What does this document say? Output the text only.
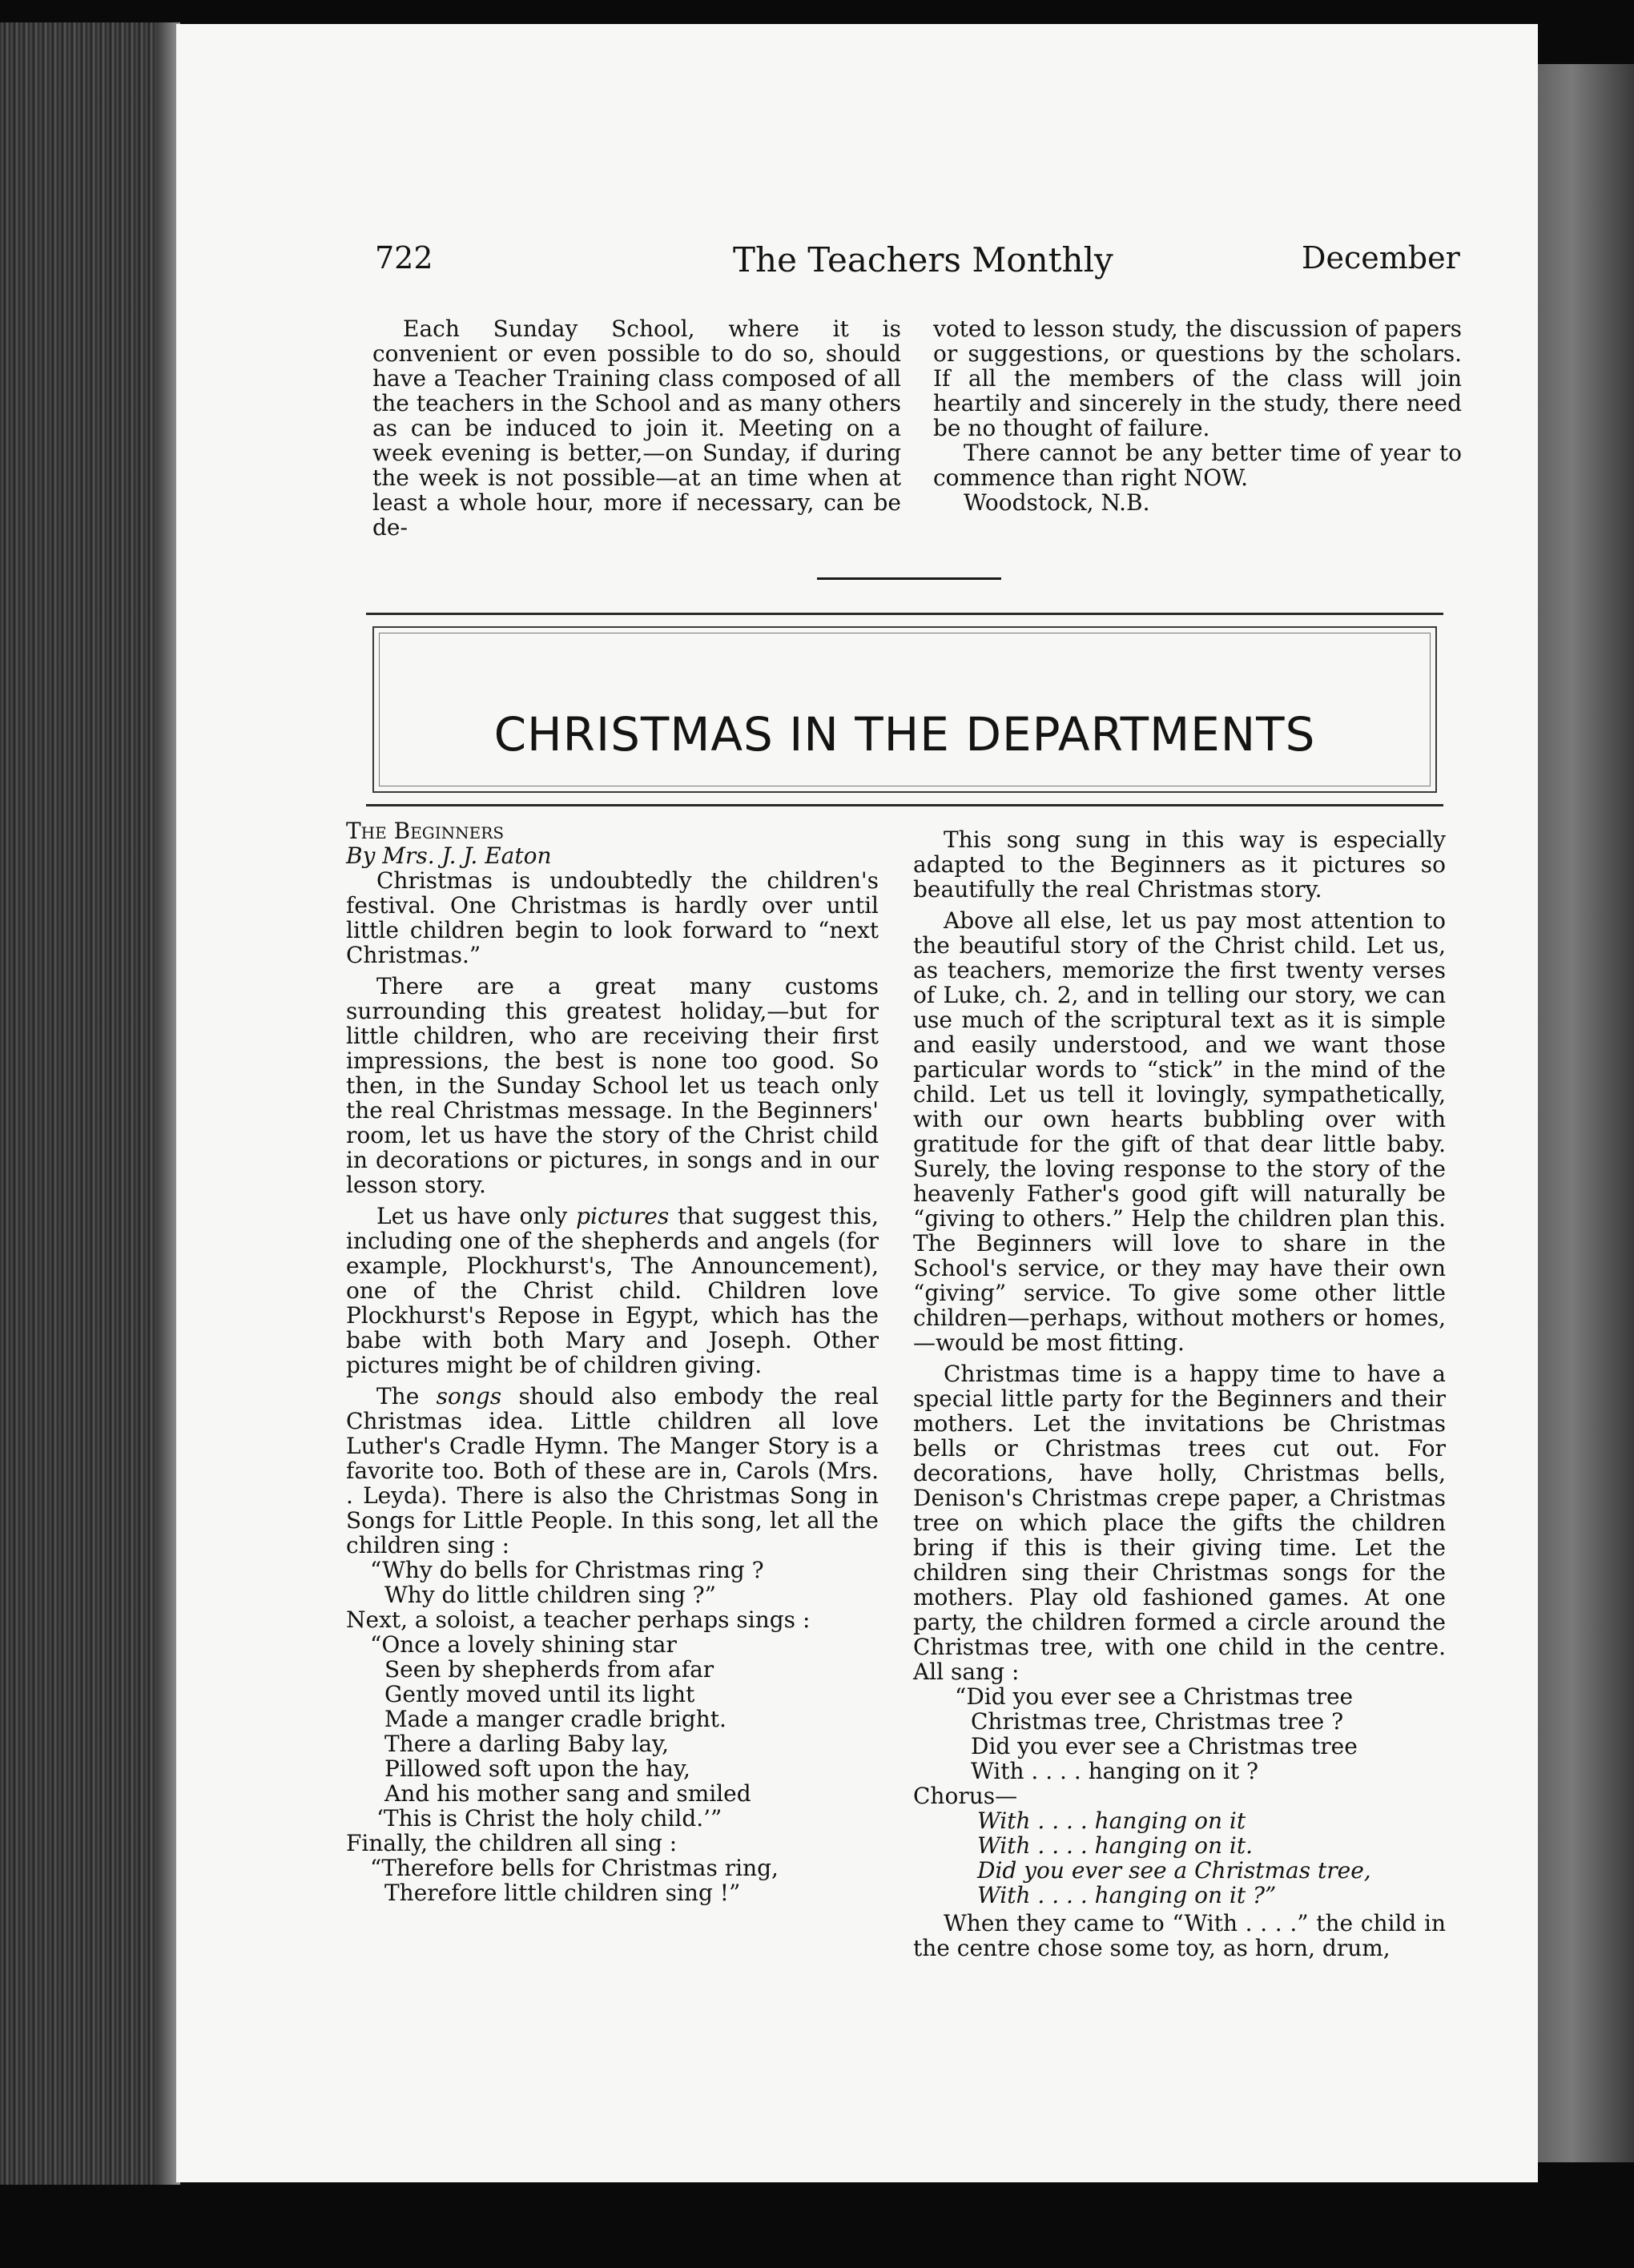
722	The Teachers Monthly	December

Each Sunday School, where it is convenient or even possible to do so, should have a Teacher Training class composed of all the teachers in the School and as many others as can be induced to join it. Meeting on a week evening is better,—on Sunday, if during the week is not possible—at an time when at least a whole hour, more if necessary, can be de-

voted to lesson study, the discussion of papers or suggestions, or questions by the scholars. If all the members of the class will join heartily and sincerely in the study, there need be no thought of failure.

There cannot be any better time of year to commence than right NOW.

Woodstock, N.B.

CHRISTMAS IN THE DEPARTMENTS

The Beginners

By Mrs. J. J. Eaton

Christmas is undoubtedly the children's festival. One Christmas is hardly over until little children begin to look forward to “next Christmas.”

There are a great many customs surrounding this greatest holiday,—but for little children, who are receiving their first impressions, the best is none too good. So then, in the Sunday School let us teach only the real Christmas message. In the Beginners' room, let us have the story of the Christ child in decorations or pictures, in songs and in our lesson story.

Let us have only pictures that suggest this, including one of the shepherds and angels (for example, Plockhurst's, The Announcement), one of the Christ child. Children love Plockhurst's Repose in Egypt, which has the babe with both Mary and Joseph. Other pictures might be of children giving.

The songs should also embody the real Christmas idea. Little children all love Luther's Cradle Hymn. The Manger Story is a favorite too. Both of these are in, Carols (Mrs. . Leyda). There is also the Christmas Song in Songs for Little People. In this song, let all the children sing :

“Why do bells for Christmas ring ?

Why do little children sing ?”

Next, a soloist, a teacher perhaps sings :

“Once a lovely shining star

Seen by shepherds from afar

Gently moved until its light

Made a manger cradle bright.

There a darling Baby lay,

Pillowed soft upon the hay,

And his mother sang and smiled

‘This is Christ the holy child.’”

Finally, the children all sing :

“Therefore bells for Christmas ring,

Therefore little children sing !”

This song sung in this way is especially adapted to the Beginners as it pictures so beautifully the real Christmas story.

Above all else, let us pay most attention to the beautiful story of the Christ child. Let us, as teachers, memorize the first twenty verses of Luke, ch. 2, and in telling our story, we can use much of the scriptural text as it is simple and easily understood, and we want those particular words to “stick” in the mind of the child. Let us tell it lovingly, sympathetically, with our own hearts bubbling over with gratitude for the gift of that dear little baby. Surely, the loving response to the story of the heavenly Father's good gift will naturally be “giving to others.” Help the children plan this. The Beginners will love to share in the School's service, or they may have their own “giving” service. To give some other little children—perhaps, without mothers or homes,—would be most fitting.

Christmas time is a happy time to have a special little party for the Beginners and their mothers. Let the invitations be Christmas bells or Christmas trees cut out. For decorations, have holly, Christmas bells, Denison's Christmas crepe paper, a Christmas tree on which place the gifts the children bring if this is their giving time. Let the children sing their Christmas songs for the mothers. Play old fashioned games. At one party, the children formed a circle around the Christmas tree, with one child in the centre. All sang :

“Did you ever see a Christmas tree

Christmas tree, Christmas tree ?

Did you ever see a Christmas tree

With . . . . hanging on it ?

Chorus—

With . . . . hanging on it

With . . . . hanging on it.

Did you ever see a Christmas tree,

With . . . . hanging on it ?”

When they came to “With . . . .” the child in the centre chose some toy, as horn, drum,
